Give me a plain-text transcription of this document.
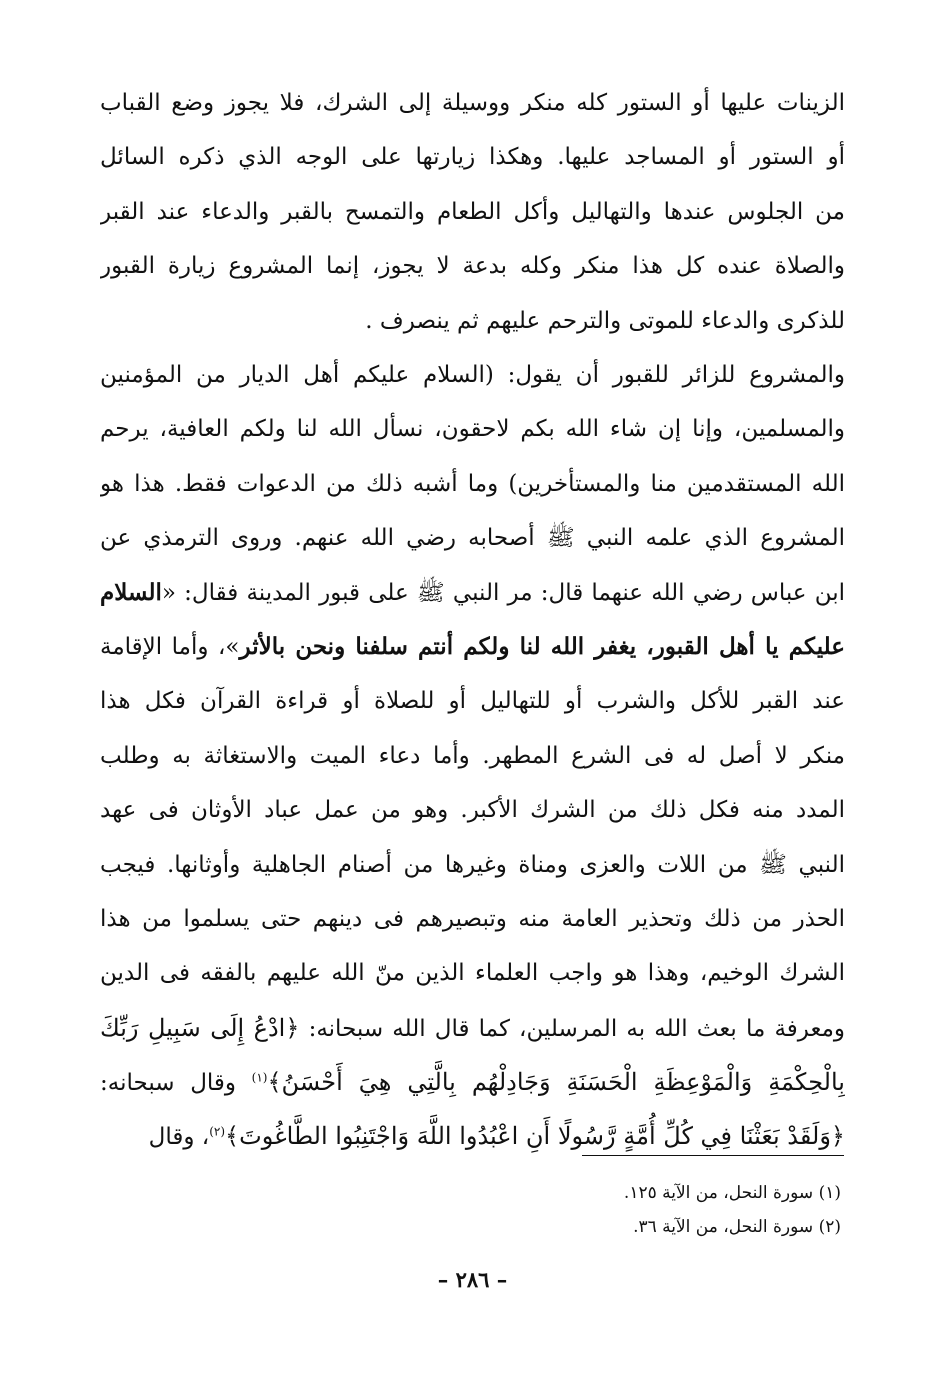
الزينات عليها أو الستور كله منكر ووسيلة إلى الشرك، فلا يجوز وضع القباب
أو الستور أو المساجد عليها. وهكذا زيارتها على الوجه الذي ذكره السائل
من الجلوس عندها والتهاليل وأكل الطعام والتمسح بالقبر والدعاء عند القبر
والصلاة عنده كل هذا منكر وكله بدعة لا يجوز، إنما المشروع زيارة القبور
للذكرى والدعاء للموتى والترحم عليهم ثم ينصرف .
والمشروع للزائر للقبور أن يقول: (السلام عليكم أهل الديار من المؤمنين
والمسلمين، وإنا إن شاء الله بكم لاحقون، نسأل الله لنا ولكم العافية، يرحم
الله المستقدمين منا والمستأخرين) وما أشبه ذلك من الدعوات فقط. هذا هو
المشروع الذي علمه النبي ﷺ أصحابه رضي الله عنهم. وروى الترمذي عن
ابن عباس رضي الله عنهما قال: مر النبي ﷺ على قبور المدينة فقال: «السلام
عليكم يا أهل القبور، يغفر الله لنا ولكم أنتم سلفنا ونحن بالأثر»، وأما الإقامة
عند القبر للأكل والشرب أو للتهاليل أو للصلاة أو قراءة القرآن فكل هذا
منكر لا أصل له فى الشرع المطهر. وأما دعاء الميت والاستغاثة به وطلب
المدد منه فكل ذلك من الشرك الأكبر. وهو من عمل عباد الأوثان فى عهد
النبي ﷺ من اللات والعزى ومناة وغيرها من أصنام الجاهلية وأوثانها. فيجب
الحذر من ذلك وتحذير العامة منه وتبصيرهم فى دينهم حتى يسلموا من هذا
الشرك الوخيم، وهذا هو واجب العلماء الذين منّ الله عليهم بالفقه فى الدين
ومعرفة ما بعث الله به المرسلين، كما قال الله سبحانه: ﴿ادْعُ إِلَى سَبِيلِ رَبِّكَ
بِالْحِكْمَةِ وَالْمَوْعِظَةِ الْحَسَنَةِ وَجَادِلْهُم بِالَّتِي هِيَ أَحْسَنُ﴾$^{(١)}$ وقال سبحانه:
﴿وَلَقَدْ بَعَثْنَا فِي كُلِّ أُمَّةٍ رَّسُولًا أَنِ اعْبُدُوا اللَّهَ وَاجْتَنِبُوا الطَّاغُوتَ﴾$^{(٢)}$، وقال

(١) سورة النحل، من الآية ١٢٥.

(٢) سورة النحل، من الآية ٣٦.

– ٢٨٦ –
